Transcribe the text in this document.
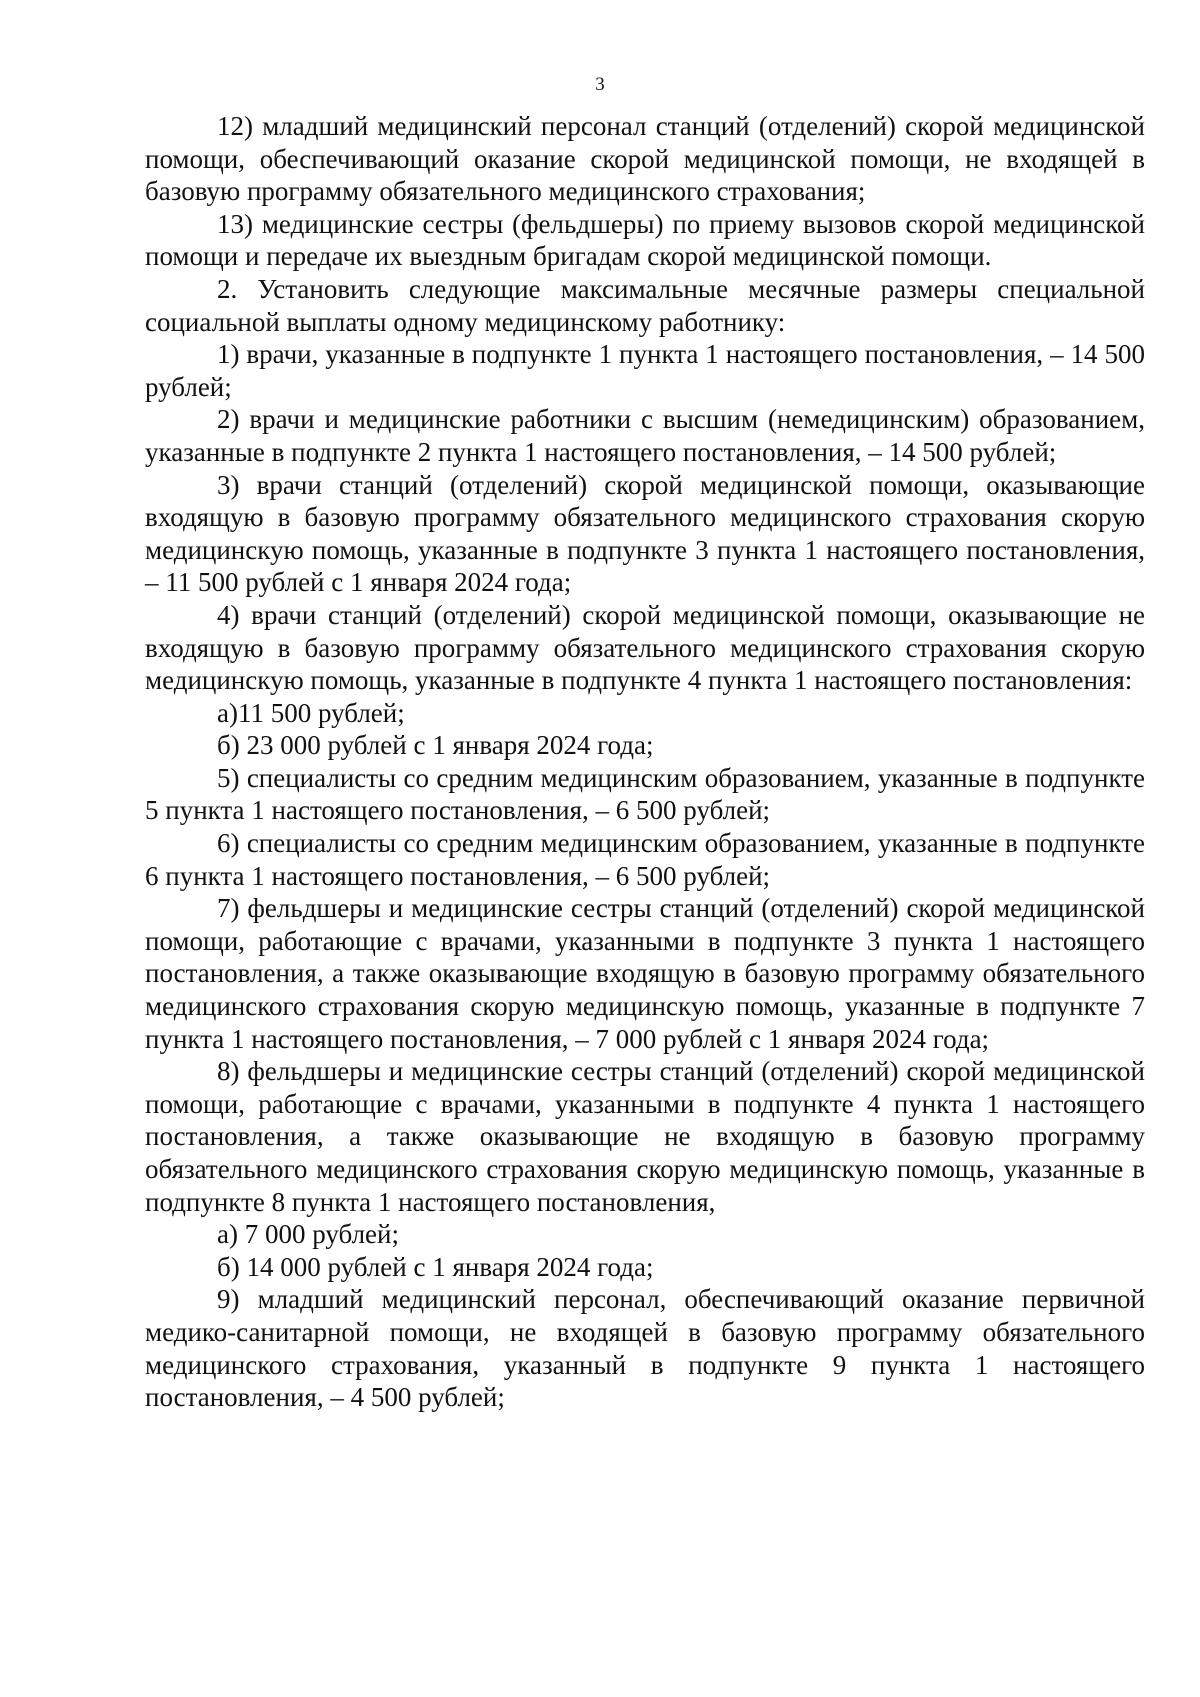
3

12) младший медицинский персонал станций (отделений) скорой медицинской помощи, обеспечивающий оказание скорой медицинской помощи, не входящей в базовую программу обязательного медицинского страхования;

13) медицинские сестры (фельдшеры) по приему вызовов скорой медицинской помощи и передаче их выездным бригадам скорой медицинской помощи.

2. Установить следующие максимальные месячные размеры специальной социальной выплаты одному медицинскому работнику:

1) врачи, указанные в подпункте 1 пункта 1 настоящего постановления, – 14 500 рублей;

2) врачи и медицинские работники с высшим (немедицинским) образованием, указанные в подпункте 2 пункта 1 настоящего постановления, – 14 500 рублей;

3) врачи станций (отделений) скорой медицинской помощи, оказывающие входящую в базовую программу обязательного медицинского страхования скорую медицинскую помощь, указанные в подпункте 3 пункта 1 настоящего постановления, – 11 500 рублей с 1 января 2024 года;

4) врачи станций (отделений) скорой медицинской помощи, оказывающие не входящую в базовую программу обязательного медицинского страхования скорую медицинскую помощь, указанные в подпункте 4 пункта 1 настоящего постановления:

а)11 500 рублей;

б) 23 000 рублей с 1 января 2024 года;

5) специалисты со средним медицинским образованием, указанные в подпункте 5 пункта 1 настоящего постановления, – 6 500 рублей;

6) специалисты со средним медицинским образованием, указанные в подпункте 6 пункта 1 настоящего постановления, – 6 500 рублей;

7) фельдшеры и медицинские сестры станций (отделений) скорой медицинской помощи, работающие с врачами, указанными в подпункте 3 пункта 1 настоящего постановления, а также оказывающие входящую в базовую программу обязательного медицинского страхования скорую медицинскую помощь, указанные в подпункте 7 пункта 1 настоящего постановления, – 7 000 рублей с 1 января 2024 года;

8) фельдшеры и медицинские сестры станций (отделений) скорой медицинской помощи, работающие с врачами, указанными в подпункте 4 пункта 1 настоящего постановления, а также оказывающие не входящую в базовую программу обязательного медицинского страхования скорую медицинскую помощь, указанные в подпункте 8 пункта 1 настоящего постановления,

а) 7 000 рублей;

б) 14 000 рублей с 1 января 2024 года;

9) младший медицинский персонал, обеспечивающий оказание первичной медико-санитарной помощи, не входящей в базовую программу обязательного медицинского страхования, указанный в подпункте 9 пункта 1 настоящего постановления, – 4 500 рублей;
